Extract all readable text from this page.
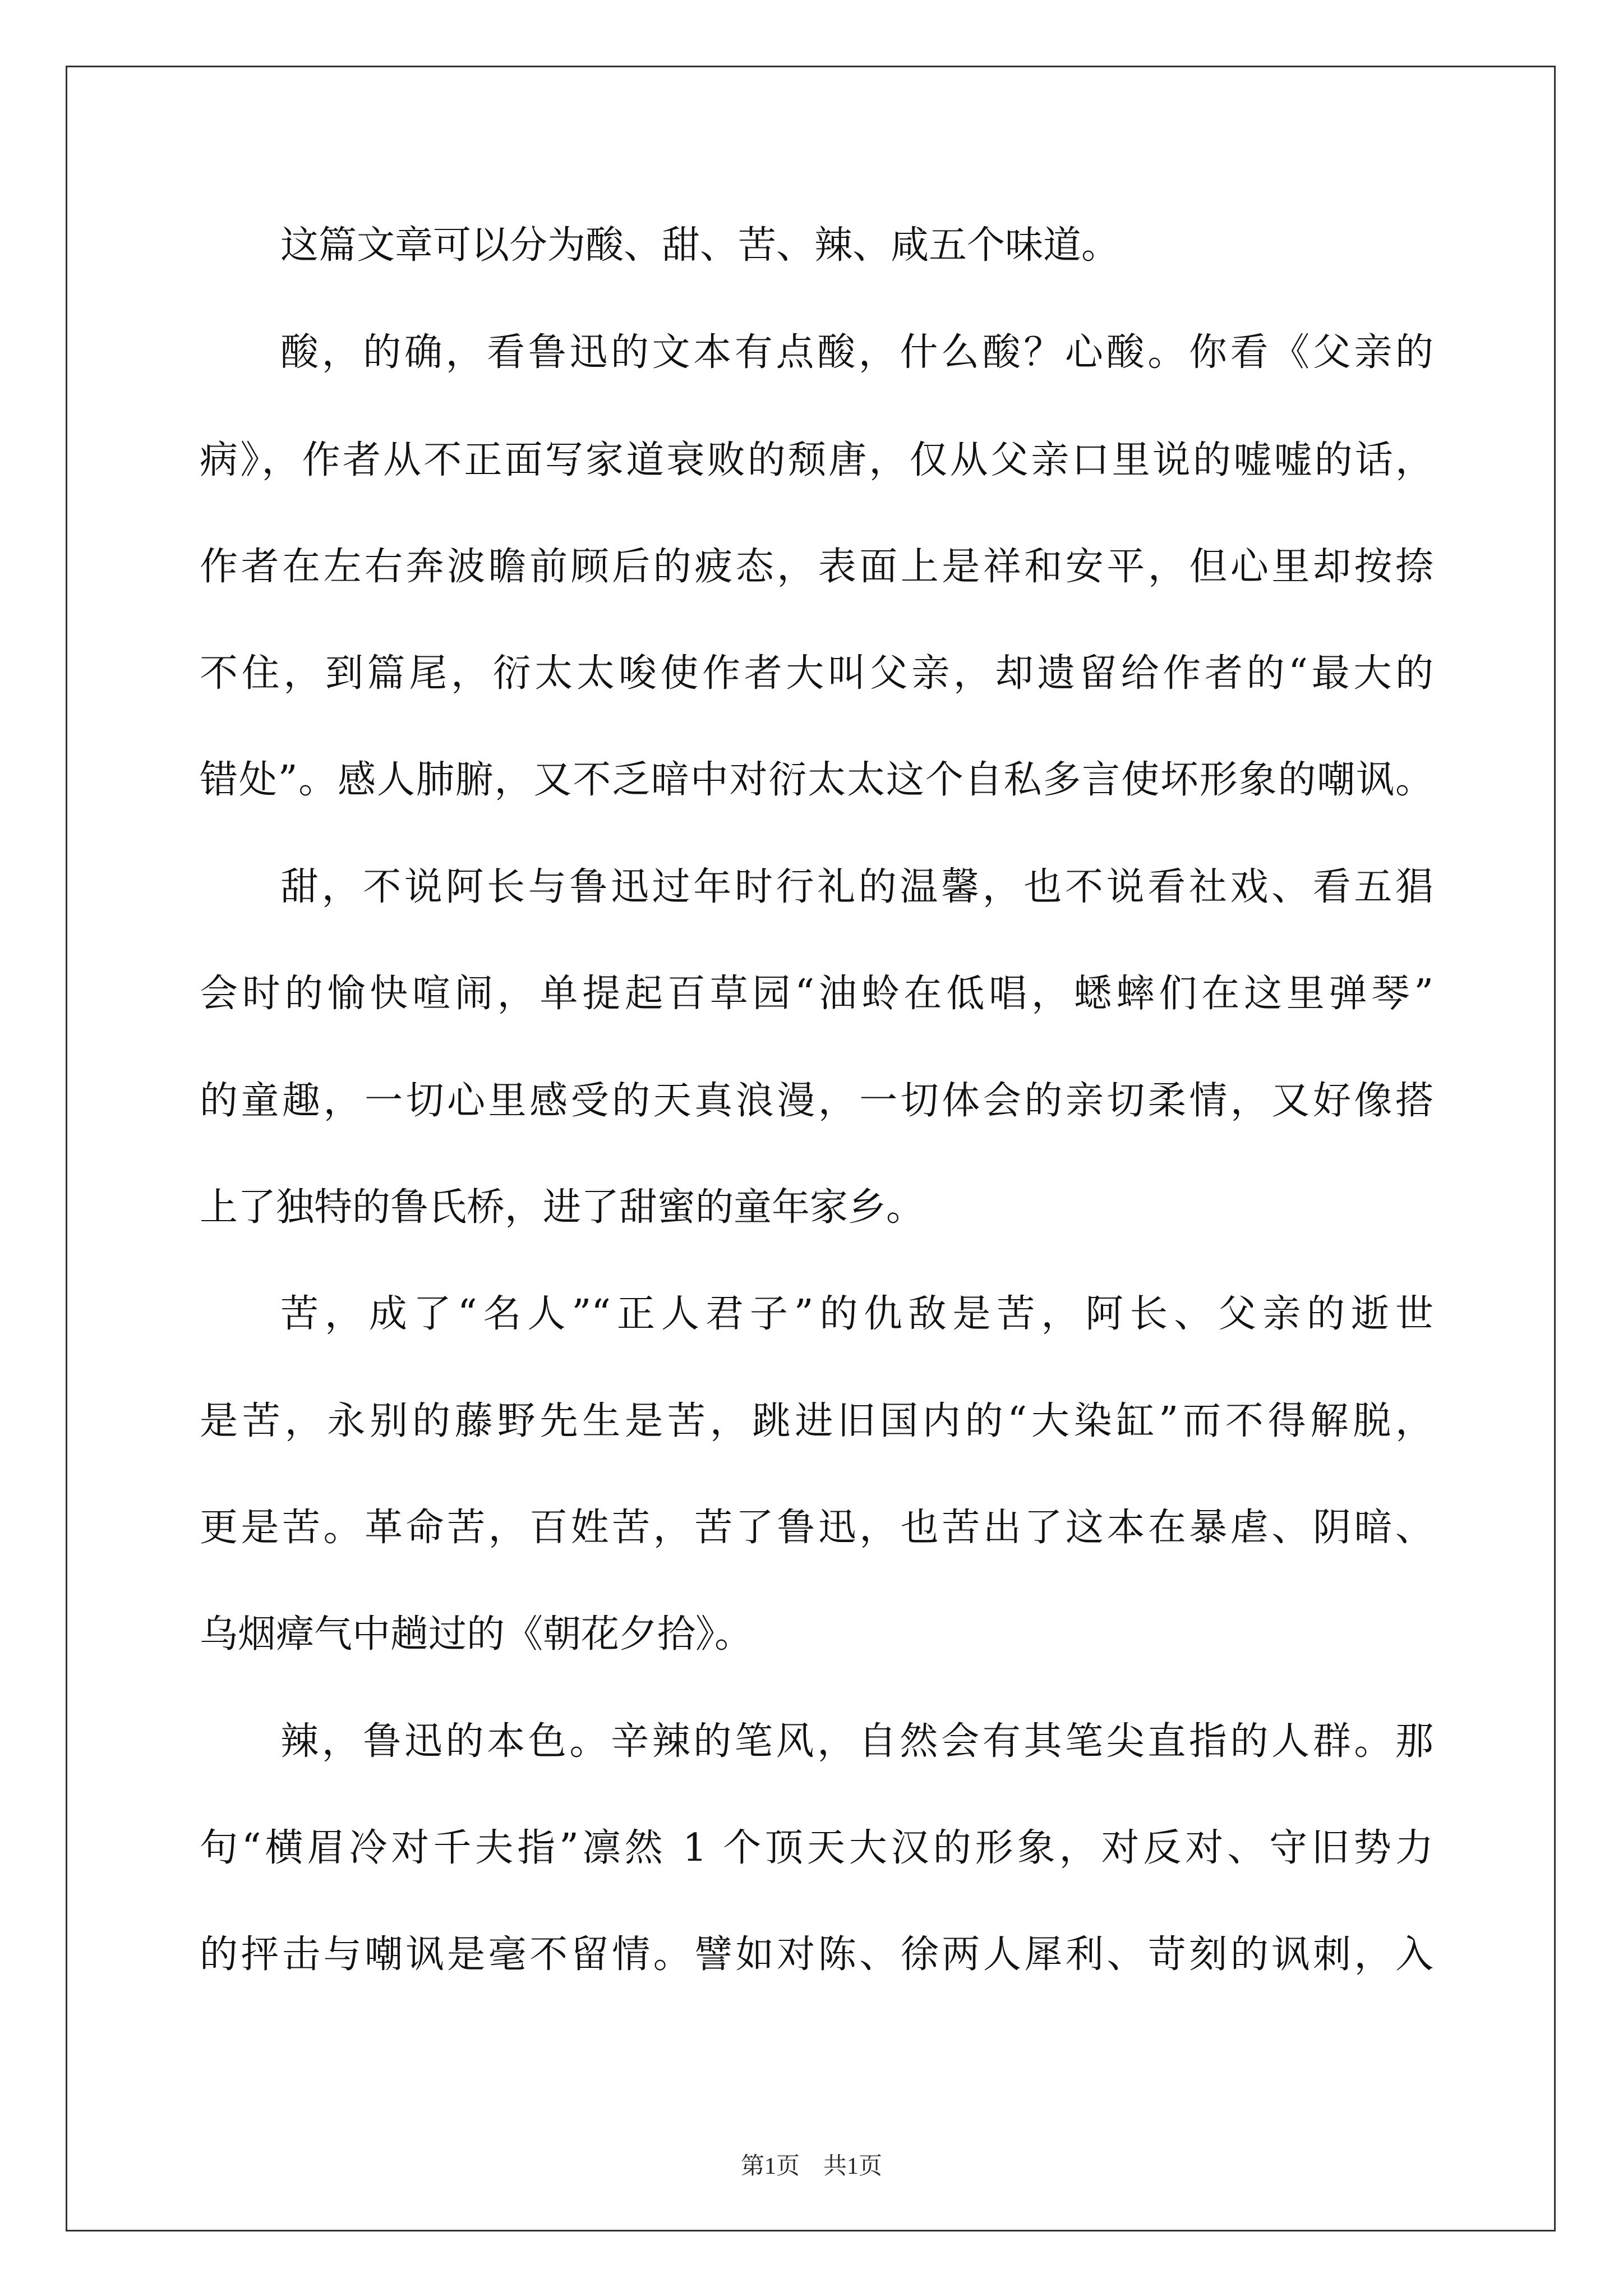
这篇文章可以分为酸、甜、苦、辣、咸五个味道。

酸，的确，看鲁迅的文本有点酸，什么酸？心酸。你看《父亲的

病》，作者从不正面写家道衰败的颓唐，仅从父亲口里说的嘘嘘的话，

作者在左右奔波瞻前顾后的疲态，表面上是祥和安平，但心里却按捺

不住，到篇尾，衍太太唆使作者大叫父亲，却遗留给作者的“最大的

错处”。感人肺腑，又不乏暗中对衍太太这个自私多言使坏形象的嘲讽。

甜，不说阿长与鲁迅过年时行礼的温馨，也不说看社戏、看五猖

会时的愉快喧闹，单提起百草园“油蛉在低唱，蟋蟀们在这里弹琴”

的童趣，一切心里感受的天真浪漫，一切体会的亲切柔情，又好像搭

上了独特的鲁氏桥，进了甜蜜的童年家乡。

苦，成了“名人”“正人君子”的仇敌是苦，阿长、父亲的逝世

是苦，永别的藤野先生是苦，跳进旧国内的“大染缸”而不得解脱，

更是苦。革命苦，百姓苦，苦了鲁迅，也苦出了这本在暴虐、阴暗、

乌烟瘴气中趟过的《朝花夕拾》。

辣，鲁迅的本色。辛辣的笔风，自然会有其笔尖直指的人群。那

句“横眉冷对千夫指”凛然 1 个顶天大汉的形象，对反对、守旧势力

的抨击与嘲讽是毫不留情。譬如对陈、徐两人犀利、苛刻的讽刺，入

第1页　共1页
